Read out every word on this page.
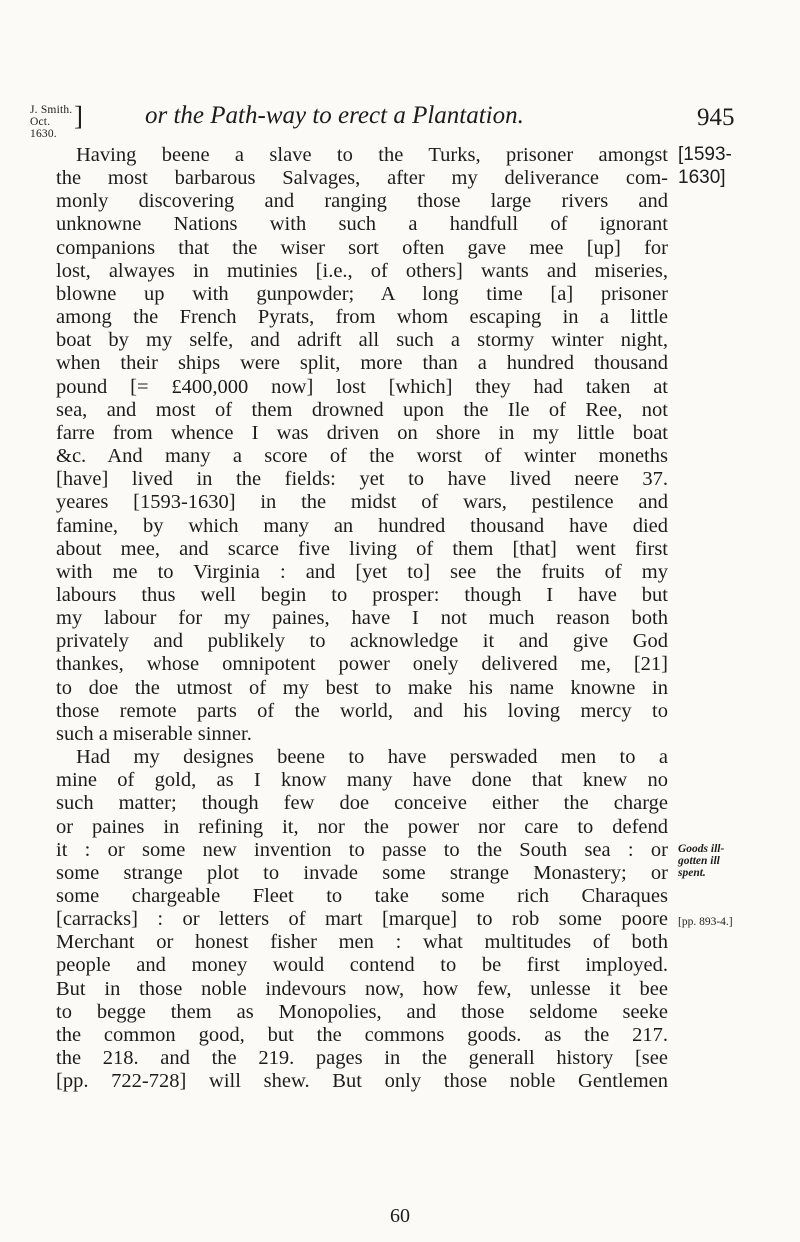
J. Smith.
Oct. 1630.
] or the Path-way to erect a Plantation.	945
[1593-
1630]
Goods ill-
gotten ill
spent.
[pp. 893-4.]
Having beene a slave to the Turks, prisoner amongst
the most barbarous Salvages, after my deliverance com-
monly discovering and ranging those large rivers and
unknowne Nations with such a handfull of ignorant
companions that the wiser sort often gave mee [up] for
lost, alwayes in mutinies [i.e., of others] wants and miseries,
blowne up with gunpowder; A long time [a] prisoner
among the French Pyrats, from whom escaping in a little
boat by my selfe, and adrift all such a stormy winter night,
when their ships were split, more than a hundred thousand
pound [= £400,000 now] lost [which] they had taken at
sea, and most of them drowned upon the Ile of Ree, not
farre from whence I was driven on shore in my little boat
&c. And many a score of the worst of winter moneths
[have] lived in the fields: yet to have lived neere 37.
yeares [1593-1630] in the midst of wars, pestilence and
famine, by which many an hundred thousand have died
about mee, and scarce five living of them [that] went first
with me to Virginia : and [yet to] see the fruits of my
labours thus well begin to prosper: though I have but
my labour for my paines, have I not much reason both
privately and publikely to acknowledge it and give God
thankes, whose omnipotent power onely delivered me, [21]
to doe the utmost of my best to make his name knowne in
those remote parts of the world, and his loving mercy to
such a miserable sinner.
Had my designes beene to have perswaded men to a
mine of gold, as I know many have done that knew no
such matter; though few doe conceive either the charge
or paines in refining it, nor the power nor care to defend
it : or some new invention to passe to the South sea : or
some strange plot to invade some strange Monastery; or
some chargeable Fleet to take some rich Charaques
[carracks] : or letters of mart [marque] to rob some poore
Merchant or honest fisher men : what multitudes of both
people and money would contend to be first imployed.
But in those noble indevours now, how few, unlesse it bee
to begge them as Monopolies, and those seldome seeke
the common good, but the commons goods. as the 217.
the 218. and the 219. pages in the generall history [see
[pp. 722-728] will shew. But only those noble Gentlemen
60
